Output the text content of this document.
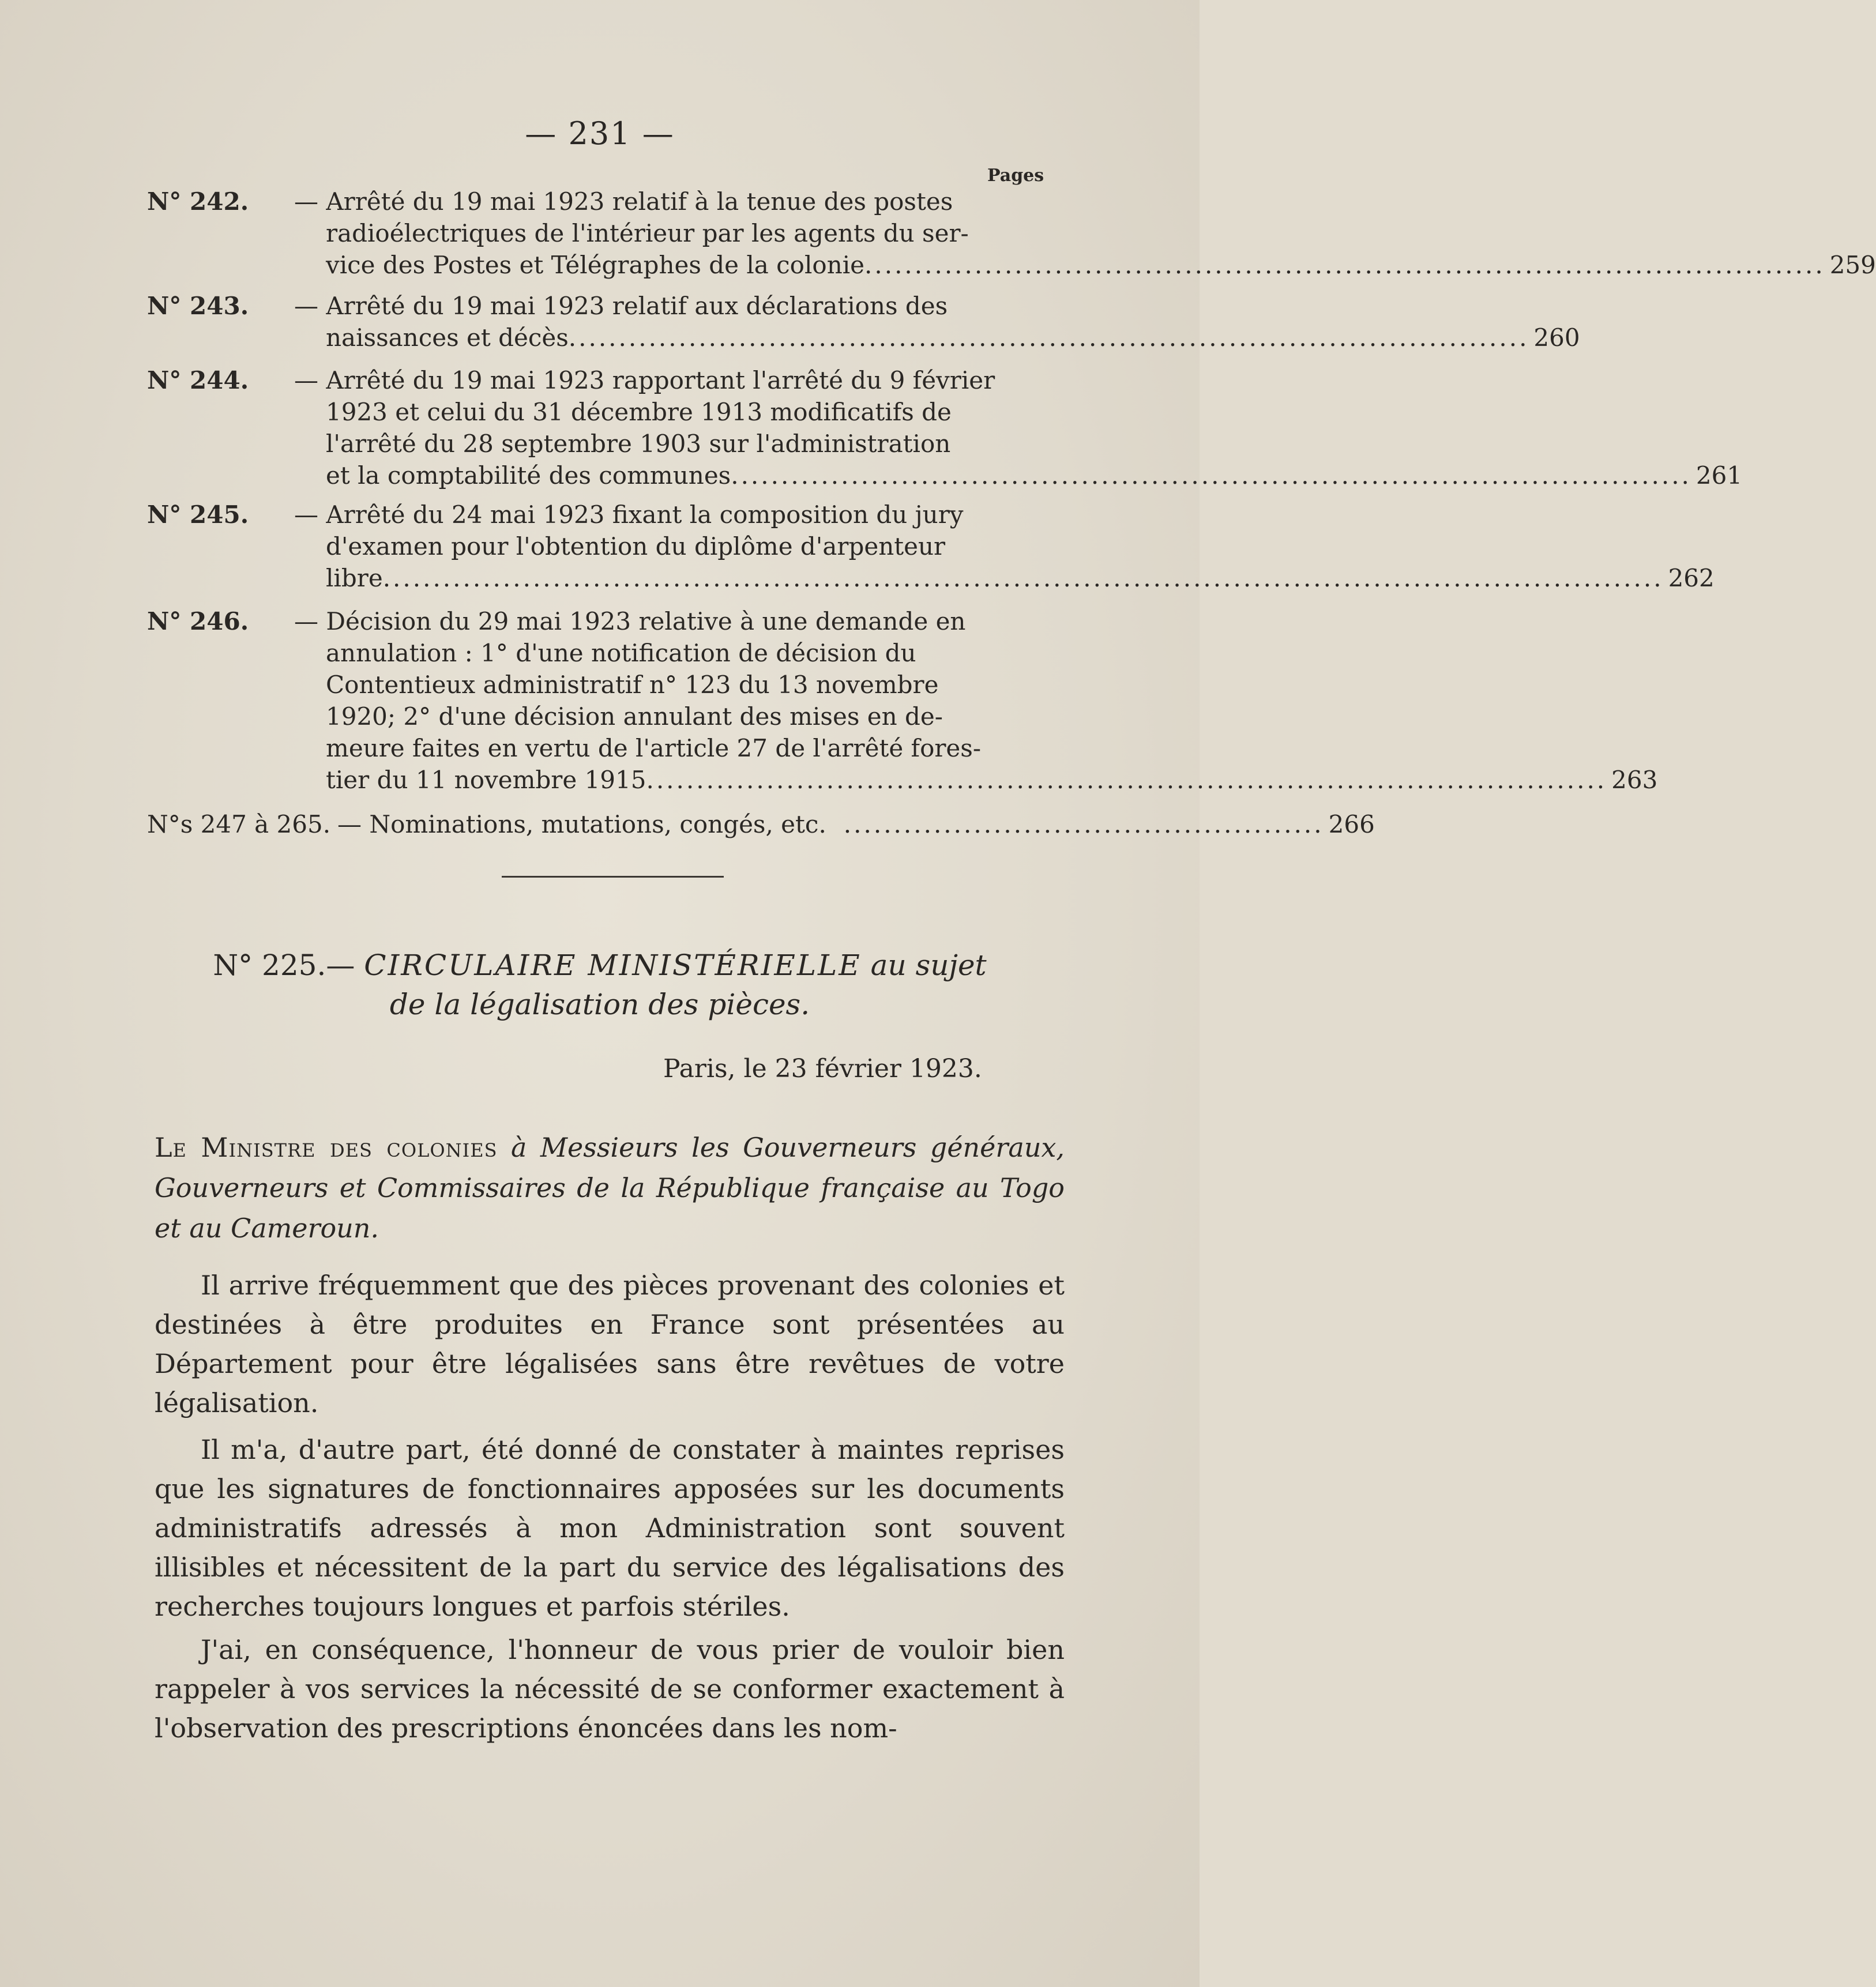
— 231 —
Pages
N° 242. — Arrêté du 19 mai 1923 relatif à la tenue des postes
radioélectriques de l'intérieur par les agents du ser-
vice des Postes et Télégraphes de la colonie ................................................................................................ 259
N° 243. — Arrêté du 19 mai 1923 relatif aux déclarations des
naissances et décès ................................................................................................ 260
N° 244. — Arrêté du 19 mai 1923 rapportant l'arrêté du 9 février
1923 et celui du 31 décembre 1913 modificatifs de
l'arrêté du 28 septembre 1903 sur l'administration
et la comptabilité des communes ................................................................................................ 261
N° 245. — Arrêté du 24 mai 1923 fixant la composition du jury
d'examen pour l'obtention du diplôme d'arpenteur
libre ................................................................................................................................ 262
N° 246. — Décision du 29 mai 1923 relative à une demande en
annulation : 1° d'une notification de décision du
Contentieux administratif n° 123 du 13 novembre
1920; 2° d'une décision annulant des mises en de-
meure faites en vertu de l'article 27 de l'arrêté fores-
tier du 11 novembre 1915 ................................................................................................ 263
N°s 247 à 265. — Nominations, mutations, congés, etc. ................................................ 266
N° 225.— CIRCULAIRE MINISTÉRIELLE au sujet
de la légalisation des pièces.
Paris, le 23 février 1923.
Le Ministre des colonies à Messieurs les Gouverneurs généraux, Gouverneurs et Commissaires de la République française au Togo et au Cameroun.
Il arrive fréquemment que des pièces provenant des colonies et destinées à être produites en France sont présentées au Département pour être légalisées sans être revêtues de votre légalisation.
Il m'a, d'autre part, été donné de constater à maintes reprises que les signatures de fonctionnaires apposées sur les documents administratifs adressés à mon Administration sont souvent illisibles et nécessitent de la part du service des légalisations des recherches toujours longues et parfois stériles.
J'ai, en conséquence, l'honneur de vous prier de vouloir bien rappeler à vos services la nécessité de se conformer exactement à l'observation des prescriptions énoncées dans les nom-
